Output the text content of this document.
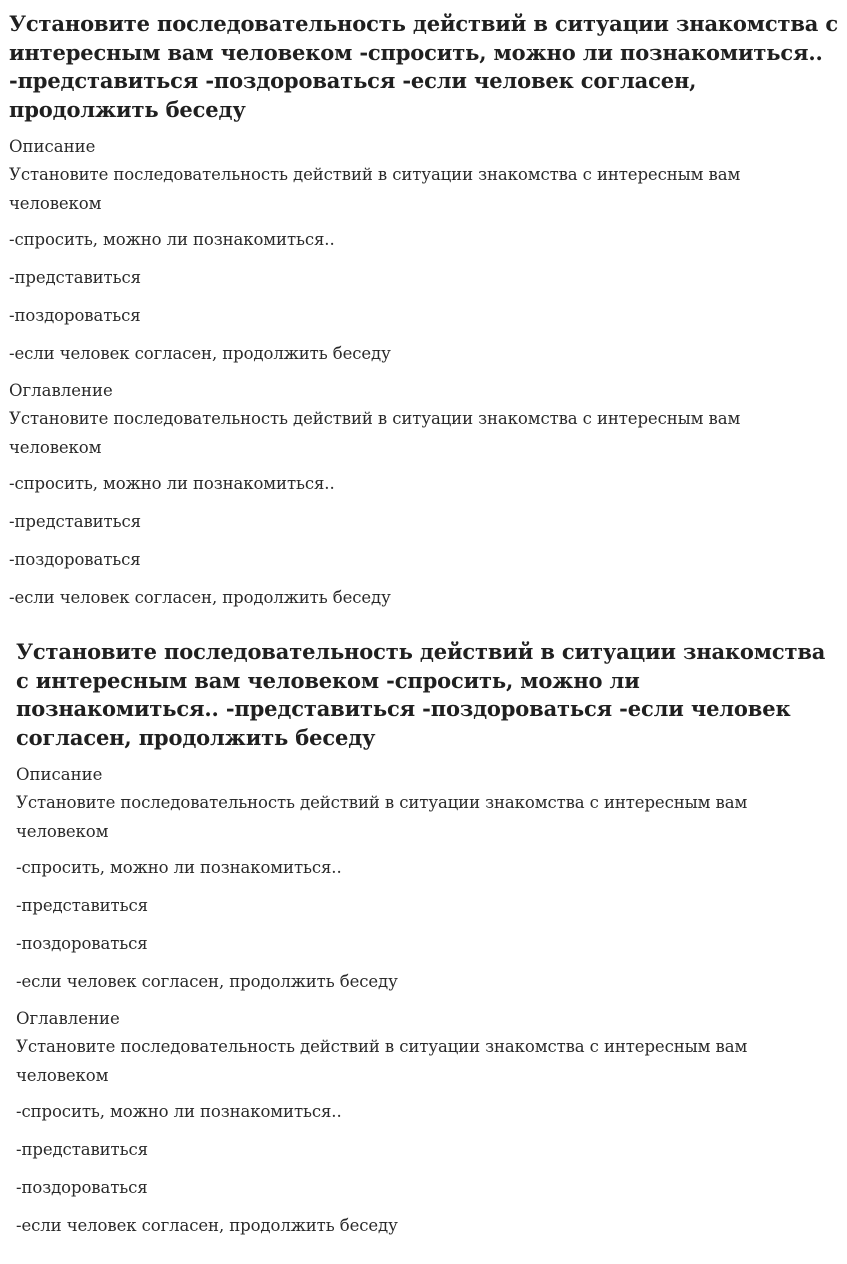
Установите последовательность действий в ситуации знакомства с интересным вам человеком -спросить, можно ли познакомиться.. -представиться -поздороваться -если человек согласен, продолжить беседу
Описание
Установите последовательность действий в ситуации знакомства с интересным вам человеком
-спросить, можно ли познакомиться..
-представиться
-поздороваться
-если человек согласен, продолжить беседу
Оглавление
Установите последовательность действий в ситуации знакомства с интересным вам человеком
-спросить, можно ли познакомиться..
-представиться
-поздороваться
-если человек согласен, продолжить беседу
Установите последовательность действий в ситуации знакомства с интересным вам человеком -спросить, можно ли познакомиться.. -представиться -поздороваться -если человек согласен, продолжить беседу
Описание
Установите последовательность действий в ситуации знакомства с интересным вам человеком
-спросить, можно ли познакомиться..
-представиться
-поздороваться
-если человек согласен, продолжить беседу
Оглавление
Установите последовательность действий в ситуации знакомства с интересным вам человеком
-спросить, можно ли познакомиться..
-представиться
-поздороваться
-если человек согласен, продолжить беседу
